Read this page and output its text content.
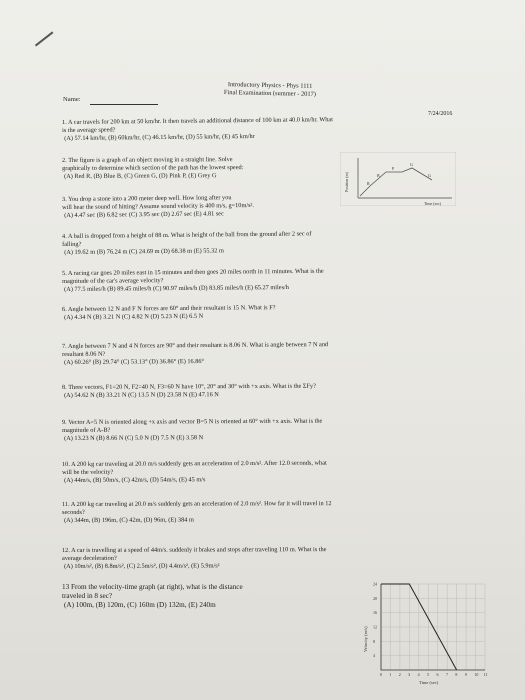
Introductory Physics - Phys 1111
Final Examination (summer - 2017)
Name:
7/24/2016
1. A car travels for 200 km at 50 km/hr. It then travels an additional distance of 100 km at 40.0 km/hr. What
is the average speed?
(A) 57.14 km/hr, (B) 60km/hr, (C) 46.15 km/hr, (D) 55 km/hr, (E) 45 km/hr
2. The figure is a graph of an object moving in a straight line. Solve
graphically to determine which section of the path has the lowest speed:
(A) Red R, (B) Blue B, (C) Green G, (D) Pink P, (E) Grey G
3. You drop a stone into a 200 meter deep well. How long after you
will hear the sound of hitting? Assume sound velocity is 400 m/s, g=10m/s².
(A) 4.47 sec (B) 6.82 sec (C) 3.95 sec (D) 2.67 sec (E) 4.81 sec
4. A ball is dropped from a height of 88 m. What is height of the ball from the ground after 2 sec of
falling?
(A) 19.62 m (B) 76.24 m (C) 24.69 m (D) 68.38 m (E) 55.32 m
5. A racing car goes 20 miles east in 15 minutes and then goes 20 miles north in 11 minutes. What is the
magnitude of the car's average velocity?
(A) 77.5 miles/h (B) 89.45 miles/h (C) 90.97 miles/h (D) 83.85 miles/h (E) 65.27 miles/h
6. Angle between 12 N and F N forces are 60° and their resultant is 15 N. What is F?
(A) 4.34 N (B) 3.21 N (C) 4.82 N (D) 5.23 N (E) 6.5 N
7. Angle between 7 N and 4 N forces are 90° and their resultant is 8.06 N. What is angle between 7 N and
resultant 8.06 N?
(A) 60.26° (B) 29.74° (C) 53.13° (D) 36.86° (E) 16.86°
8. Three vectors, F1=20 N, F2=40 N, F3=60 N have 10°, 20° and 30° with +x axis. What is the ΣFy?
(A) 54.62 N (B) 33.21 N (C) 13.5 N (D) 23.58 N (E) 47.16 N
9. Vector A=5 N is oriented along +x axis and vector B=5 N is oriented at 60° with +x axis. What is the
magnitude of A-B?
(A) 13.23 N (B) 8.66 N (C) 5.0 N (D) 7.5 N (E) 3.58 N
10. A 200 kg car traveling at 20.0 m/s suddenly gets an acceleration of 2.0 m/s². After 12.0 seconds, what
will be the velocity?
(A) 44m/s, (B) 50m/s, (C) 42m/s, (D) 54m/s, (E) 45 m/s
11. A 200 kg car traveling at 20.0 m/s suddenly gets an acceleration of 2.0 m/s². How far it will travel in 12
seconds?
(A) 344m, (B) 196m, (C) 42m, (D) 96m, (E) 384 m
12. A car is travelling at a speed of 44m/s. suddenly it brakes and stops after traveling 110 m. What is the
average deceleration?
(A) 10m/s², (B) 8.8m/s², (C) 2.5m/s², (D) 4.4m/s², (E) 5.9m/s²
13 From the velocity-time graph (at right), what is the distance
traveled in 8 sec?
(A) 100m, (B) 120m, (C) 160m (D) 132m, (E) 240m
Position (m)
Time (sec)
R
B
P
G
G
Velocity (m/s)
Time (sec)
24
20
16
12
8
4
0 1 2 3 4 5 6 7 8 9 10 11
